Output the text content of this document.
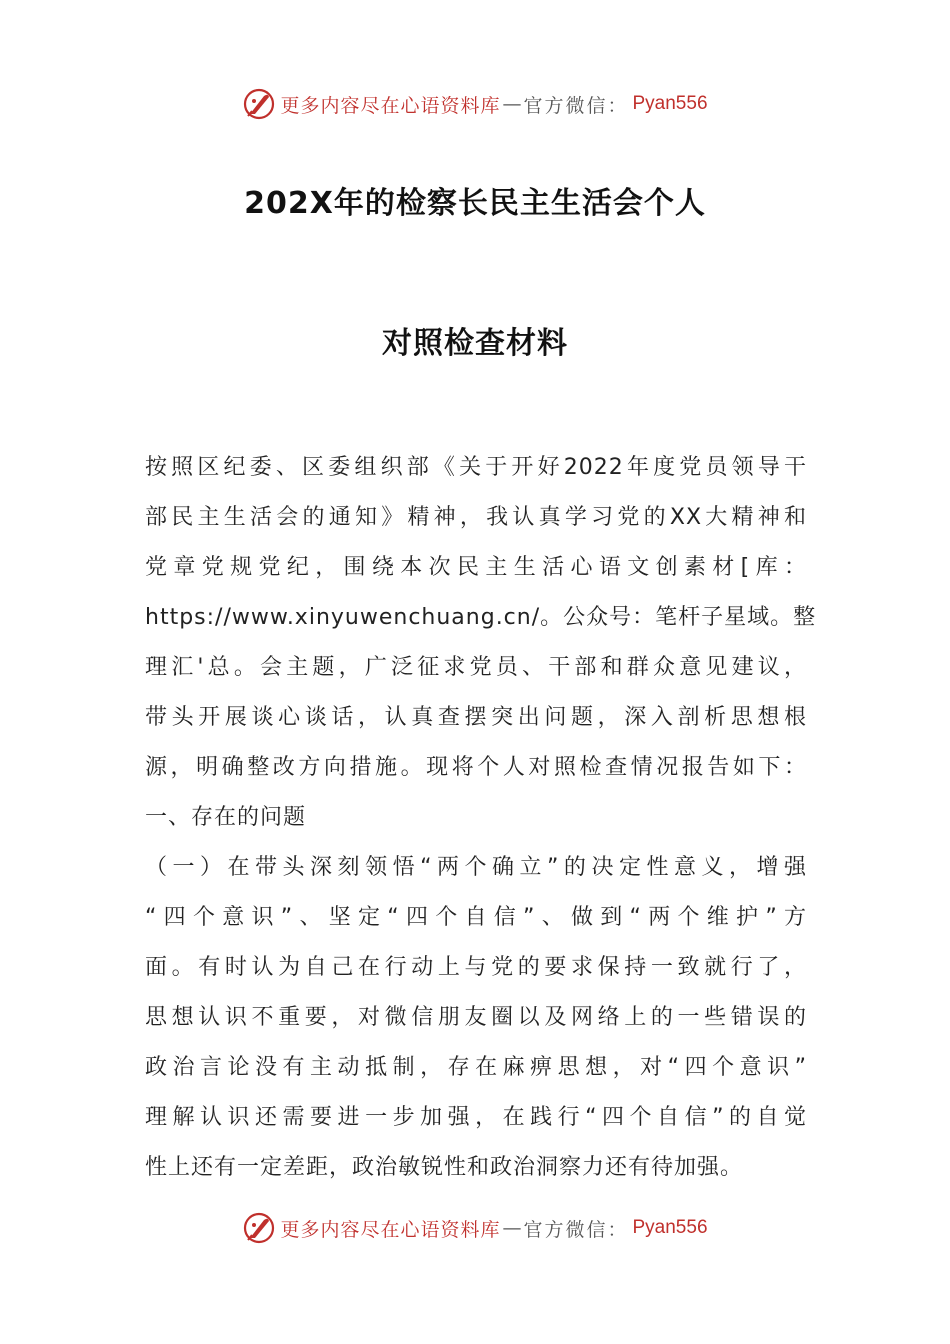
更多内容尽在心语资料库 — 官方微信： Pyan556
202X年的检察长民主生活会个人
对照检查材料
按照区纪委、区委组织部《关于开好2022年度党员领导干
部民主生活会的通知》精神，我认真学习党的XX大精神和
党章党规党纪，围绕本次民主生活心语文创素材[库：
https://www.xinyuwenchuang.cn/。公众号：笔杆子星域。整
理汇'总。会主题，广泛征求党员、干部和群众意见建议，
带头开展谈心谈话，认真查摆突出问题，深入剖析思想根
源，明确整改方向措施。现将个人对照检查情况报告如下：
一、存在的问题
（一）在带头深刻领悟“两个确立”的决定性意义，增强
“四个意识”、坚定“四个自信”、做到“两个维护”方
面。有时认为自己在行动上与党的要求保持一致就行了，
思想认识不重要，对微信朋友圈以及网络上的一些错误的
政治言论没有主动抵制，存在麻痹思想，对“四个意识”
理解认识还需要进一步加强，在践行“四个自信”的自觉
性上还有一定差距，政治敏锐性和政治洞察力还有待加强。
更多内容尽在心语资料库 — 官方微信： Pyan556
